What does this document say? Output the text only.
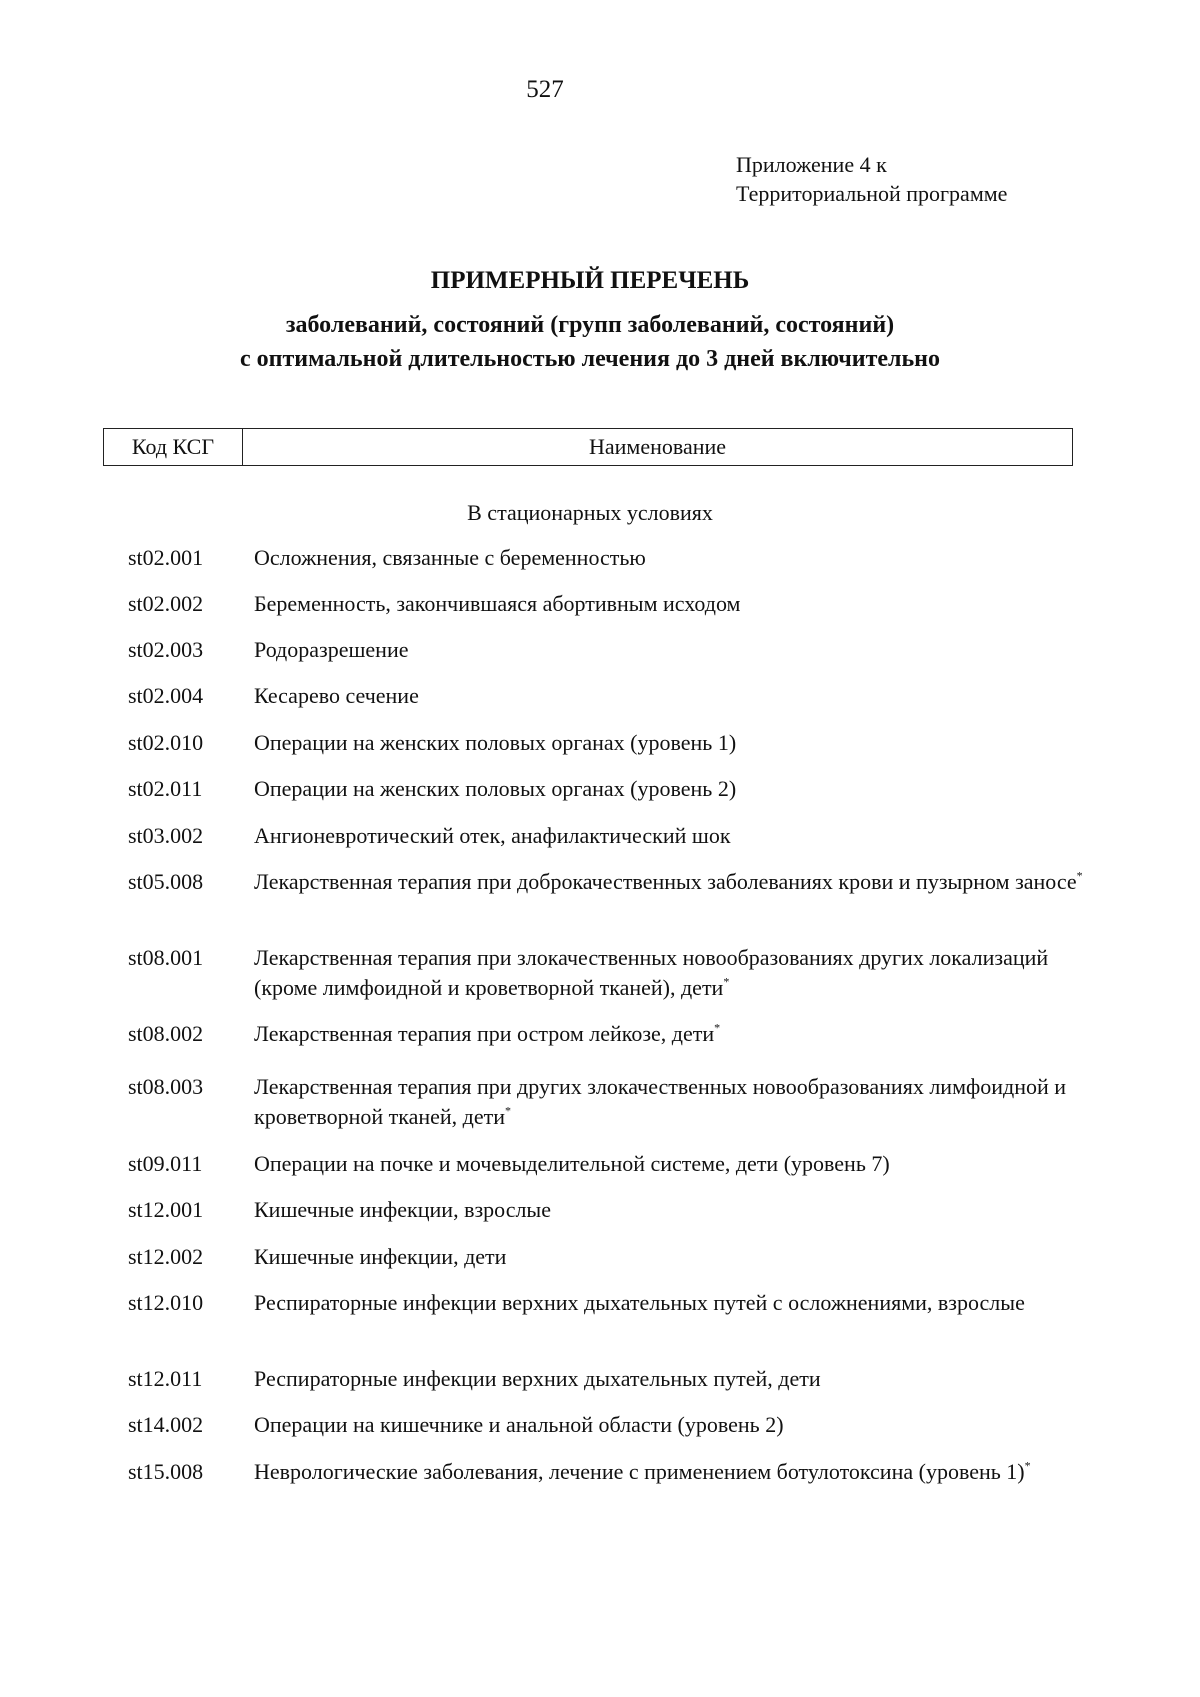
527
Приложение 4 к
Территориальной программе
ПРИМЕРНЫЙ ПЕРЕЧЕНЬ
заболеваний, состояний (групп заболеваний, состояний)
с оптимальной длительностью лечения до 3 дней включительно
Код КСГ	Наименование
В стационарных условиях
st02.001 Осложнения, связанные с беременностью
st02.002 Беременность, закончившаяся абортивным исходом
st02.003 Родоразрешение
st02.004 Кесарево сечение
st02.010 Операции на женских половых органах (уровень 1)
st02.011 Операции на женских половых органах (уровень 2)
st03.002 Ангионевротический отек, анафилактический шок
st05.008 Лекарственная терапия при доброкачественных заболеваниях крови и пузырном заносе*
st08.001 Лекарственная терапия при злокачественных новообразованиях других локализаций (кроме лимфоидной и кроветворной тканей), дети*
st08.002 Лекарственная терапия при остром лейкозе, дети*
st08.003 Лекарственная терапия при других злокачественных новообразованиях лимфоидной и кроветворной тканей, дети*
st09.011 Операции на почке и мочевыделительной системе, дети (уровень 7)
st12.001 Кишечные инфекции, взрослые
st12.002 Кишечные инфекции, дети
st12.010 Респираторные инфекции верхних дыхательных путей с осложнениями, взрослые
st12.011 Респираторные инфекции верхних дыхательных путей, дети
st14.002 Операции на кишечнике и анальной области (уровень 2)
st15.008 Неврологические заболевания, лечение с применением ботулотоксина (уровень 1)*
